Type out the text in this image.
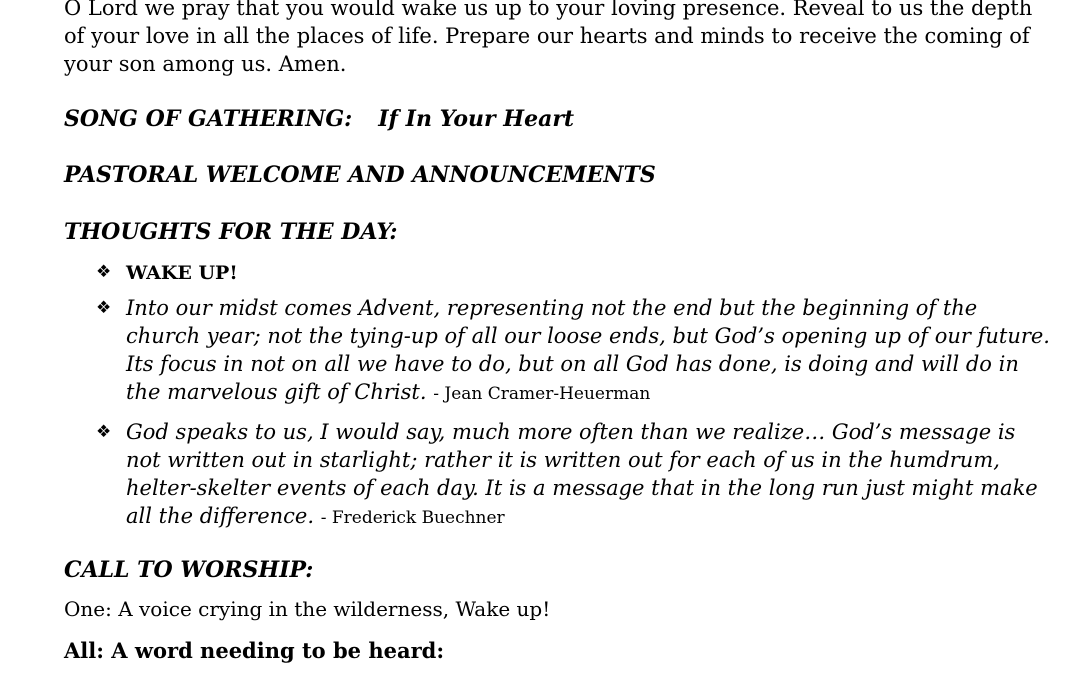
O Lord we pray that you would wake us up to your loving presence. Reveal to us the depth of your love in all the places of life. Prepare our hearts and minds to receive the coming of your son among us. Amen.

SONG OF GATHERING: If In Your Heart

PASTORAL WELCOME AND ANNOUNCEMENTS

THOUGHTS FOR THE DAY:

❖ WAKE UP!
❖ Into our midst comes Advent, representing not the end but the beginning of the church year; not the tying-up of all our loose ends, but God’s opening up of our future. Its focus in not on all we have to do, but on all God has done, is doing and will do in the marvelous gift of Christ. - Jean Cramer-Heuerman
❖ God speaks to us, I would say, much more often than we realize… God’s message is not written out in starlight; rather it is written out for each of us in the humdrum, helter-skelter events of each day. It is a message that in the long run just might make all the difference. - Frederick Buechner

CALL TO WORSHIP:

One: A voice crying in the wilderness, Wake up!

All: A word needing to be heard:
